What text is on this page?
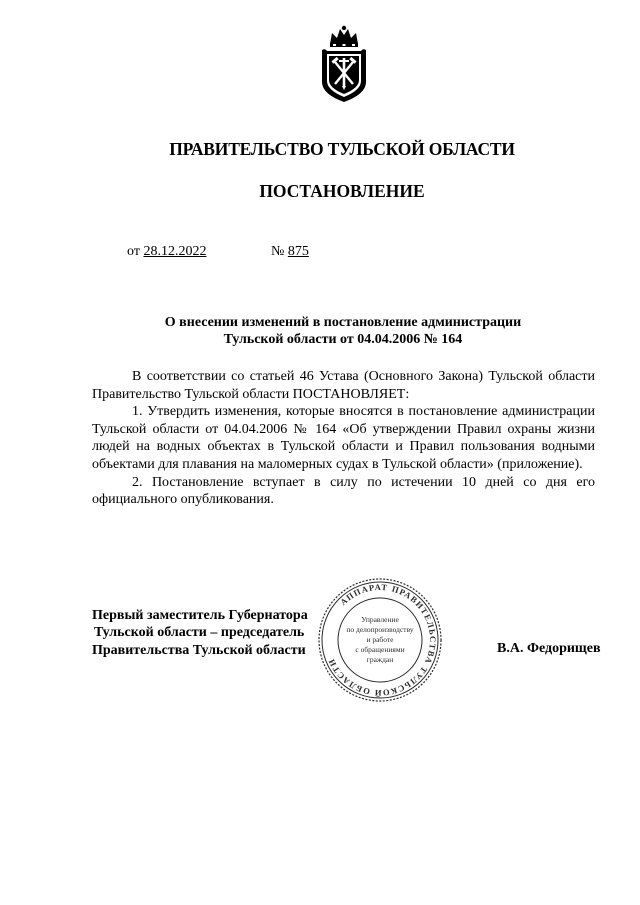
ПРАВИТЕЛЬСТВО ТУЛЬСКОЙ ОБЛАСТИ
ПОСТАНОВЛЕНИЕ
от 28.12.2022	№ 875
О внесении изменений в постановление администрации
Тульской области от 04.04.2006 № 164

В соответствии со статьей 46 Устава (Основного Закона) Тульской области Правительство Тульской области ПОСТАНОВЛЯЕТ:

1. Утвердить изменения, которые вносятся в постановление администрации Тульской области от 04.04.2006 № 164 «Об утверждении Правил охраны жизни людей на водных объектах в Тульской области и Правил пользования водными объектами для плавания на маломерных судах в Тульской области» (приложение).

2. Постановление вступает в силу по истечении 10 дней со дня его официального опубликования.

Первый заместитель Губернатора
Тульской области – председатель
Правительства Тульской области	В.А. Федорищев
АППАРАТ ПРАВИТЕЛЬСТВА ТУЛЬСКОЙ ОБЛАСТИ
Управление
по делопроизводству
и работе
с обращениями
граждан
